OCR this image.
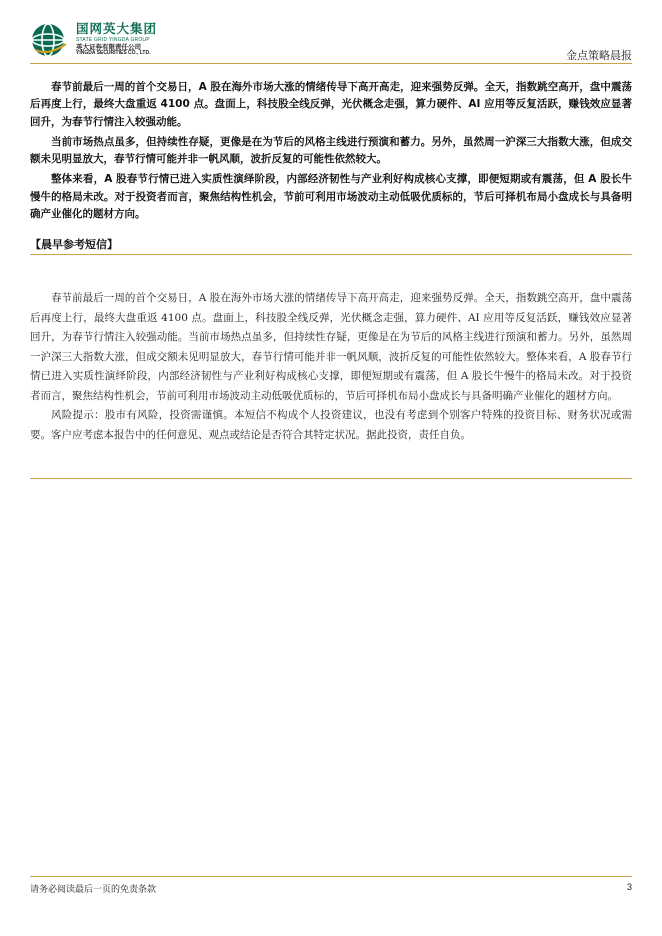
国网英大集团
STATE GRID YINGDA GROUP
英大证券有限责任公司
YINGDA SECURITIES CO., LTD.	金点策略晨报

春节前最后一周的首个交易日，A 股在海外市场大涨的情绪传导下高开高走，迎来强势反弹。全天，指数跳空高开，盘中震荡后再度上行，最终大盘重返 4100 点。盘面上，科技股全线反弹，光伏概念走强，算力硬件、AI 应用等反复活跃，赚钱效应显著回升，为春节行情注入较强动能。

当前市场热点虽多，但持续性存疑，更像是在为节后的风格主线进行预演和蓄力。另外，虽然周一沪深三大指数大涨，但成交额未见明显放大，春节行情可能并非一帆风顺，波折反复的可能性依然较大。

整体来看，A 股春节行情已进入实质性演绎阶段，内部经济韧性与产业利好构成核心支撑，即便短期或有震荡，但 A 股长牛慢牛的格局未改。对于投资者而言，聚焦结构性机会，节前可利用市场波动主动低吸优质标的，节后可择机布局小盘成长与具备明确产业催化的题材方向。

【晨早参考短信】

春节前最后一周的首个交易日，A 股在海外市场大涨的情绪传导下高开高走，迎来强势反弹。全天，指数跳空高开，盘中震荡后再度上行，最终大盘重返 4100 点。盘面上，科技股全线反弹，光伏概念走强，算力硬件、AI 应用等反复活跃，赚钱效应显著回升，为春节行情注入较强动能。当前市场热点虽多，但持续性存疑，更像是在为节后的风格主线进行预演和蓄力。另外，虽然周一沪深三大指数大涨，但成交额未见明显放大，春节行情可能并非一帆风顺，波折反复的可能性依然较大。整体来看，A 股春节行情已进入实质性演绎阶段，内部经济韧性与产业利好构成核心支撑，即便短期或有震荡，但 A 股长牛慢牛的格局未改。对于投资者而言，聚焦结构性机会，节前可利用市场波动主动低吸优质标的，节后可择机布局小盘成长与具备明确产业催化的题材方向。

风险提示：股市有风险，投资需谨慎。本短信不构成个人投资建议，也没有考虑到个别客户特殊的投资目标、财务状况或需要。客户应考虑本报告中的任何意见、观点或结论是否符合其特定状况。据此投资，责任自负。

请务必阅读最后一页的免责条款	3
